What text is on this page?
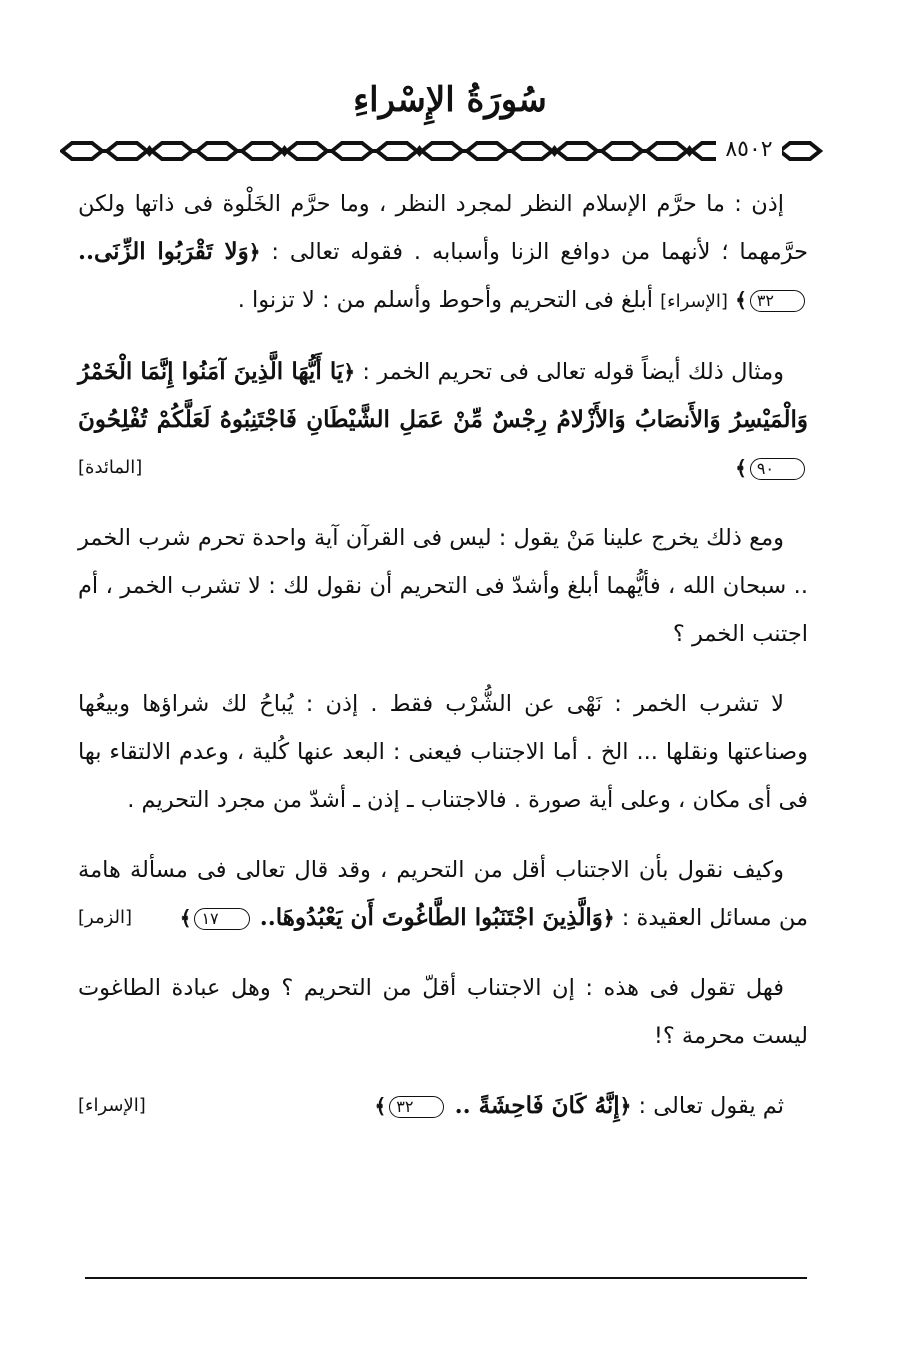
سُورَةُ الإِسْراءِ
٨٥٠٢

إذن : ما حرَّم الإسلام النظر لمجرد النظر ، وما حرَّم الخَلْوة فى ذاتها ولكن حرَّمهما ؛ لأنهما من دوافع الزنا وأسبابه . فقوله تعالى : ﴿وَلا تَقْرَبُوا الزِّنَى.. ٣٢﴾ [الإسراء] أبلغ فى التحريم وأحوط وأسلم من : لا تزنوا .

ومثال ذلك أيضاً قوله تعالى فى تحريم الخمر : ﴿يَا أَيُّهَا الَّذِينَ آمَنُوا إِنَّمَا الْخَمْرُ وَالْمَيْسِرُ وَالأَنصَابُ وَالأَزْلامُ رِجْسٌ مِّنْ عَمَلِ الشَّيْطَانِ فَاجْتَنِبُوهُ لَعَلَّكُمْ تُفْلِحُونَ ٩٠﴾
[المائدة]

ومع ذلك يخرج علينا مَنْ يقول : ليس فى القرآن آية واحدة تحرم شرب الخمر .. سبحان الله ، فأيُّهما أبلغ وأشدّ فى التحريم أن نقول لك : لا تشرب الخمر ، أم اجتنب الخمر ؟

لا تشرب الخمر : نَهْى عن الشُّرْب فقط . إذن : يُباحُ لك شراؤها وبيعُها وصناعتها ونقلها ... الخ . أما الاجتناب فيعنى : البعد عنها كُلية ، وعدم الالتقاء بها فى أى مكان ، وعلى أية صورة . فالاجتناب ـ إذن ـ أشدّ من مجرد التحريم .

وكيف نقول بأن الاجتناب أقل من التحريم ، وقد قال تعالى فى مسألة هامة من مسائل العقيدة : ﴿وَالَّذِينَ اجْتَنَبُوا الطَّاغُوتَ أَن يَعْبُدُوهَا.. ١٧﴾
[الزمر]

فهل تقول فى هذه : إن الاجتناب أقلّ من التحريم ؟ وهل عبادة الطاغوت ليست محرمة ؟!

ثم يقول تعالى : ﴿إِنَّهُ كَانَ فَاحِشَةً .. ٣٢﴾
[الإسراء]
